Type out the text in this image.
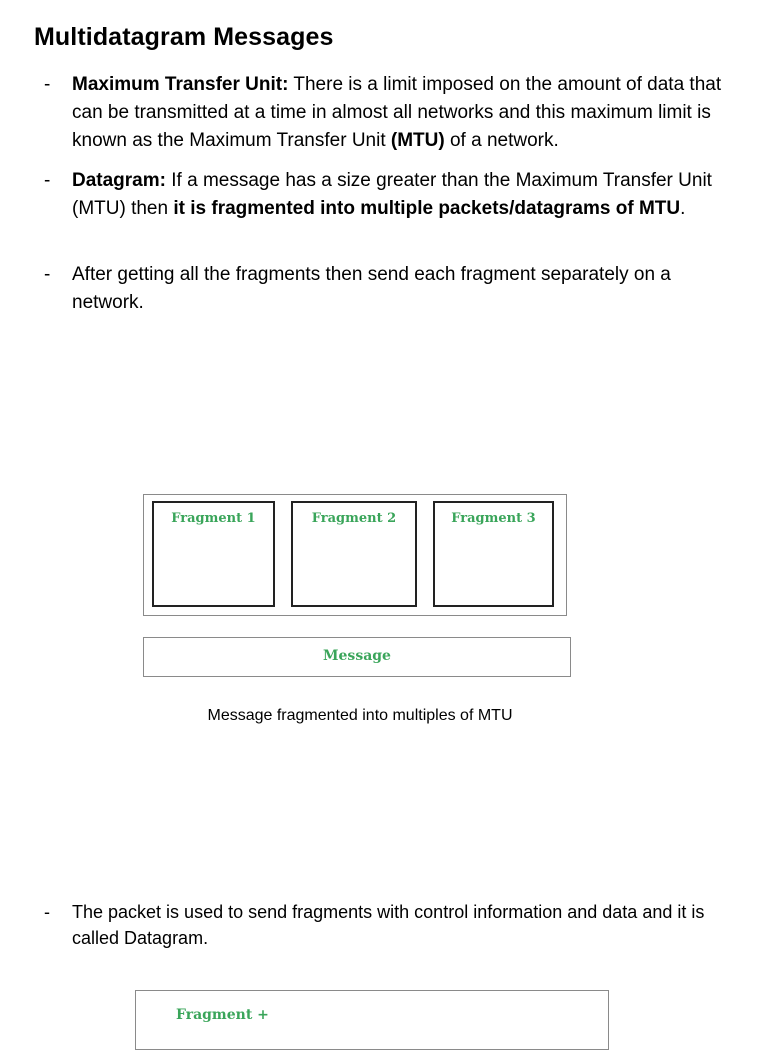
Multidatagram Messages
-	Maximum Transfer Unit: There is a limit imposed on the amount of data that can be transmitted at a time in almost all networks and this maximum limit is known as the Maximum Transfer Unit (MTU) of a network.
-	Datagram: If a message has a size greater than the Maximum Transfer Unit (MTU) then it is fragmented into multiple packets/datagrams of MTU.
-	After getting all the fragments then send each fragment separately on a network.
Fragment 1	Fragment 2	Fragment 3
Message
Message fragmented into multiples of MTU
-	The packet is used to send fragments with control information and data and it is called Datagram.
Fragment +
